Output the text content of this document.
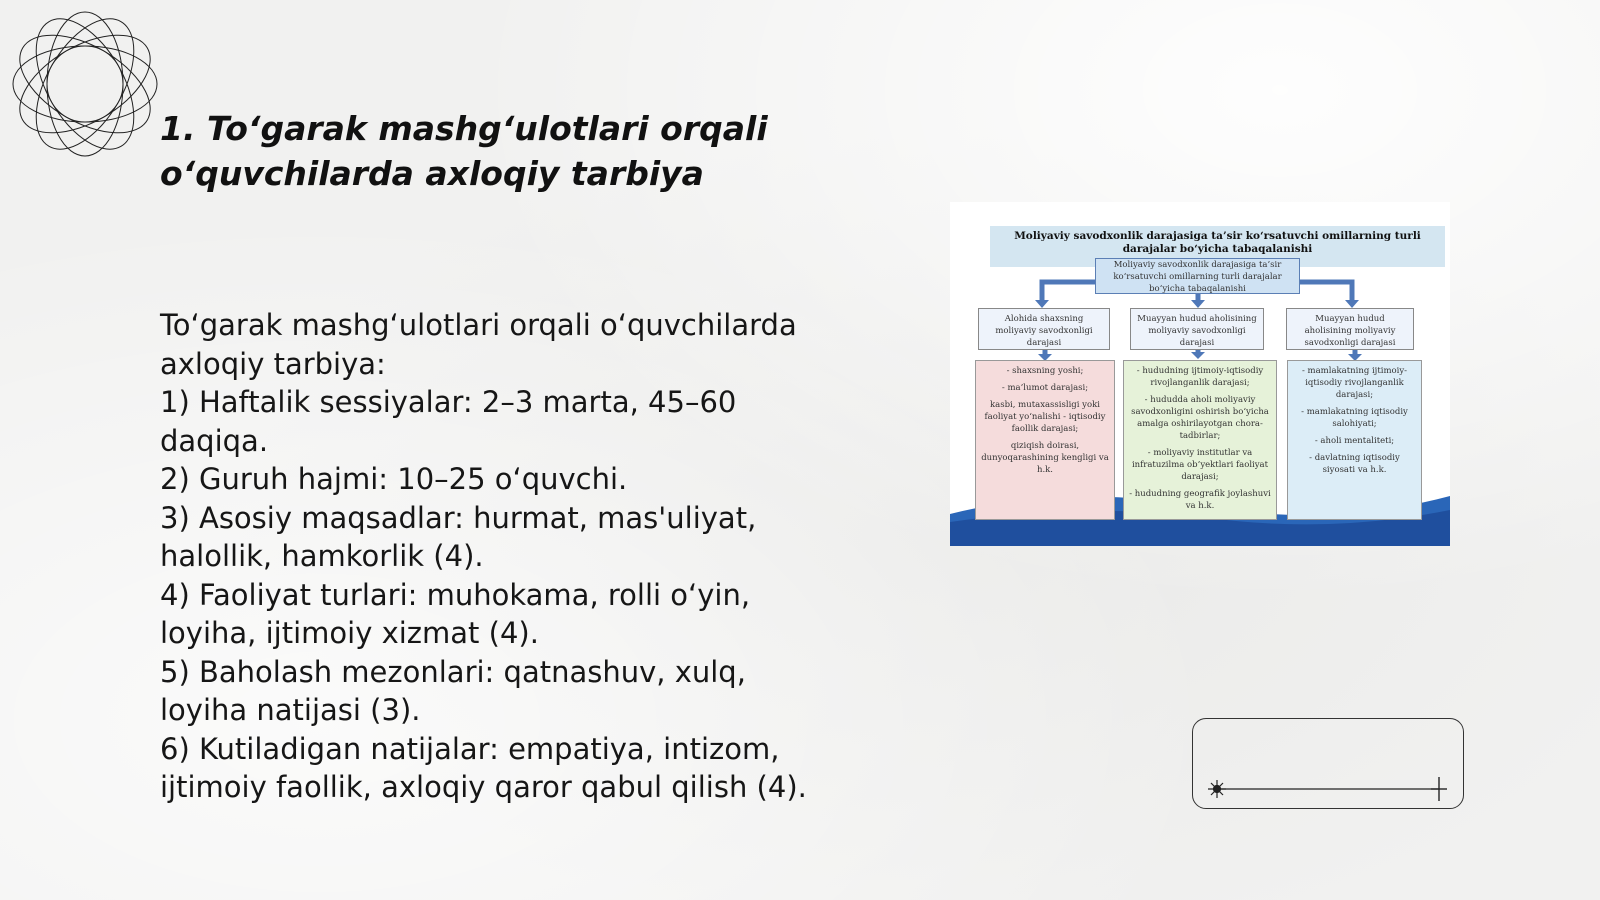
1. To‘garak mashg‘ulotlari orqali
o‘quvchilarda axloqiy tarbiya
To‘garak mashg‘ulotlari orqali o‘quvchilarda
axloqiy tarbiya:
1) Haftalik sessiyalar: 2–3 marta, 45–60
daqiqa.
2) Guruh hajmi: 10–25 o‘quvchi.
3) Asosiy maqsadlar: hurmat, mas'uliyat,
halollik, hamkorlik (4).
4) Faoliyat turlari: muhokama, rolli o‘yin,
loyiha, ijtimoiy xizmat (4).
5) Baholash mezonlari: qatnashuv, xulq,
loyiha natijasi (3).
6) Kutiladigan natijalar: empatiya, intizom,
ijtimoiy faollik, axloqiy qaror qabul qilish (4).
Moliyaviy savodxonlik darajasiga ta’sir ko‘rsatuvchi omillarning turli darajalar bo‘yicha tabaqalanishi
Moliyaviy savodxonlik darajasiga ta’sir ko‘rsatuvchi omillarning turli darajalar bo‘yicha tabaqalanishi
Alohida shaxsning moliyaviy savodxonligi darajasi
Muayyan hudud aholisining moliyaviy savodxonligi darajasi
Muayyan hudud aholisining moliyaviy savodxonligi darajasi
- shaxsning yoshi;
- ma’lumot darajasi;
kasbi, mutaxassisligi yoki faoliyat yo‘nalishi - iqtisodiy faollik darajasi;
qiziqish doirasi, dunyoqarashining kengligi va h.k.
- hududning ijtimoiy-iqtisodiy rivojlanganlik darajasi;
- hududda aholi moliyaviy savodxonligini oshirish bo‘yicha amalga oshirilayotgan chora-tadbirlar;
- moliyaviy institutlar va infratuzilma ob’yektlari faoliyat darajasi;
- hududning geografik joylashuvi va h.k.
- mamlakatning ijtimoiy-iqtisodiy rivojlanganlik darajasi;
- mamlakatning iqtisodiy salohiyati;
- aholi mentaliteti;
- davlatning iqtisodiy siyosati va h.k.
